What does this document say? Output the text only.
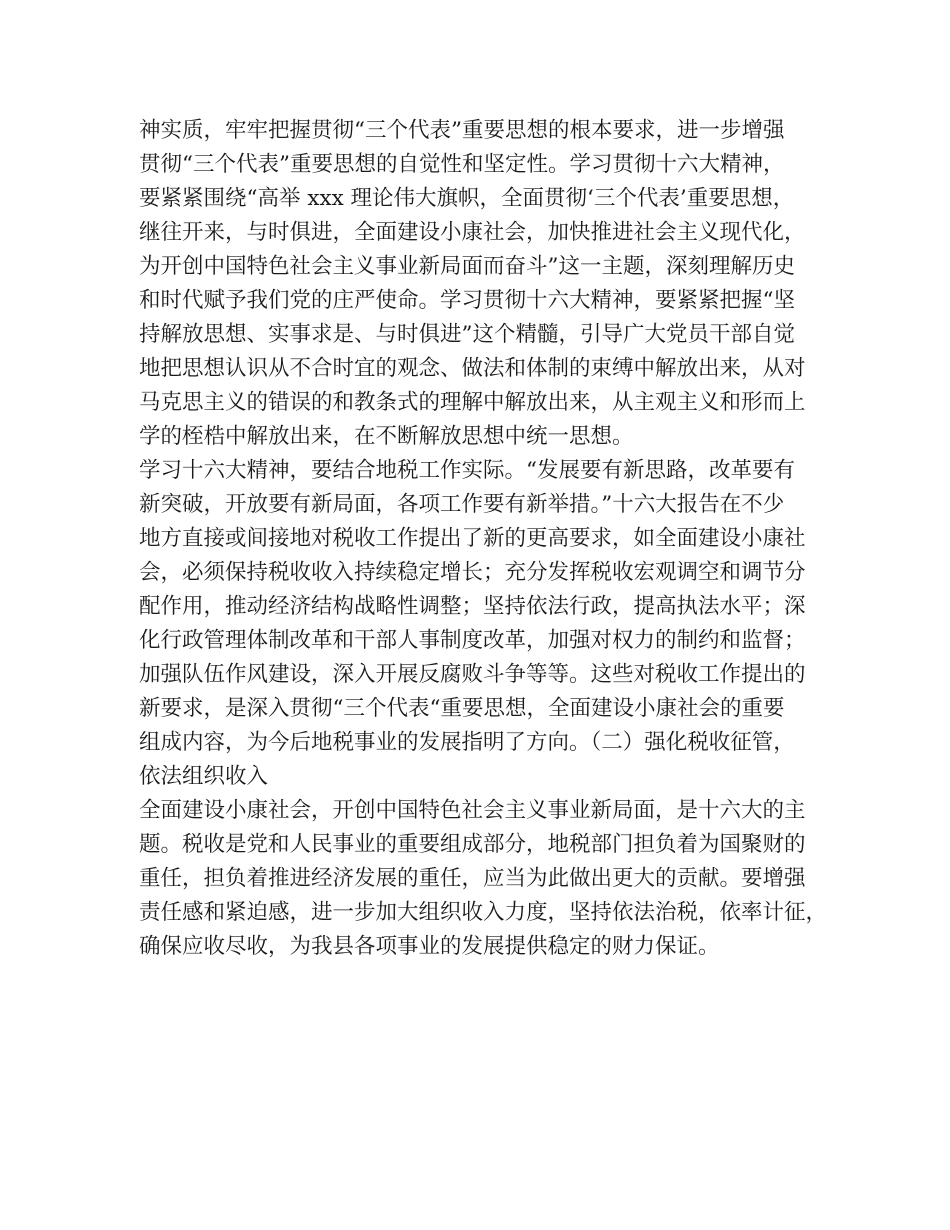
神实质，牢牢把握贯彻“三个代表”重要思想的根本要求，进一步增强
贯彻“三个代表”重要思想的自觉性和坚定性。学习贯彻十六大精神，
要紧紧围绕“高举 xxx 理论伟大旗帜，全面贯彻‘三个代表’重要思想，
继往开来，与时俱进，全面建设小康社会，加快推进社会主义现代化，
为开创中国特色社会主义事业新局面而奋斗”这一主题，深刻理解历史
和时代赋予我们党的庄严使命。学习贯彻十六大精神，要紧紧把握“坚
持解放思想、实事求是、与时俱进”这个精髓，引导广大党员干部自觉
地把思想认识从不合时宜的观念、做法和体制的束缚中解放出来，从对
马克思主义的错误的和教条式的理解中解放出来，从主观主义和形而上
学的桎梏中解放出来，在不断解放思想中统一思想。
学习十六大精神，要结合地税工作实际。“发展要有新思路，改革要有
新突破，开放要有新局面，各项工作要有新举措。”十六大报告在不少
地方直接或间接地对税收工作提出了新的更高要求，如全面建设小康社
会，必须保持税收收入持续稳定增长；充分发挥税收宏观调空和调节分
配作用，推动经济结构战略性调整；坚持依法行政，提高执法水平；深
化行政管理体制改革和干部人事制度改革，加强对权力的制约和监督；
加强队伍作风建设，深入开展反腐败斗争等等。这些对税收工作提出的
新要求，是深入贯彻“三个代表“重要思想，全面建设小康社会的重要
组成内容，为今后地税事业的发展指明了方向。（二）强化税收征管，
依法组织收入
全面建设小康社会，开创中国特色社会主义事业新局面，是十六大的主
题。税收是党和人民事业的重要组成部分，地税部门担负着为国聚财的
重任，担负着推进经济发展的重任，应当为此做出更大的贡献。要增强
责任感和紧迫感，进一步加大组织收入力度，坚持依法治税，依率计征，
确保应收尽收，为我县各项事业的发展提供稳定的财力保证。
